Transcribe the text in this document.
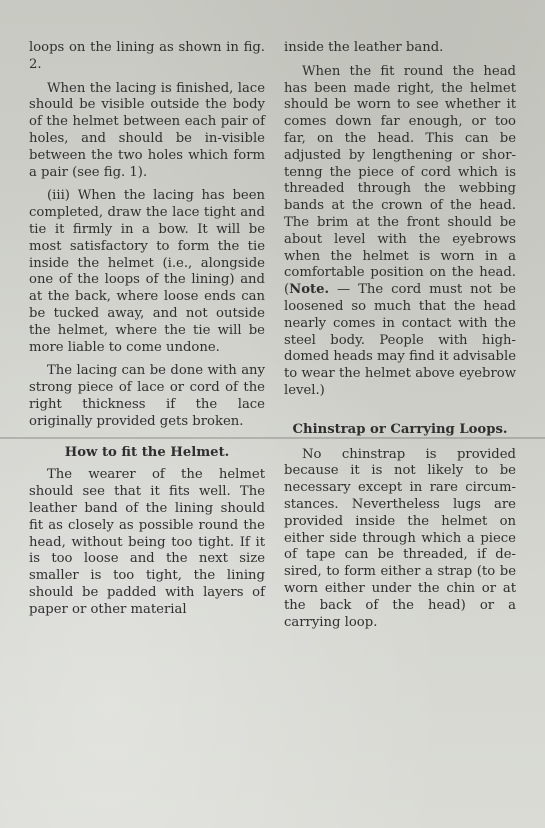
loops on the lining as shown in fig. 2.

When the lacing is finished, lace should be visible outside the body of the helmet between each pair of holes, and should be in-visible between the two holes which form a pair (see fig. 1).

(iii) When the lacing has been completed, draw the lace tight and tie it firmly in a bow. It will be most satisfactory to form the tie inside the helmet (i.e., alongside one of the loops of the lining) and at the back, where loose ends can be tucked away, and not outside the helmet, where the tie will be more liable to come undone.

The lacing can be done with any strong piece of lace or cord of the right thickness if the lace originally provided gets broken.

How to fit the Helmet.

The wearer of the helmet should see that it fits well. The leather band of the lining should fit as closely as possible round the head, without being too tight. If it is too loose and the next size smaller is too tight, the lining should be padded with layers of paper or other material

inside the leather band.

When the fit round the head has been made right, the helmet should be worn to see whether it comes down far enough, or too far, on the head. This can be adjusted by lengthening or shor-tenng the piece of cord which is threaded through the webbing bands at the crown of the head. The brim at the front should be about level with the eyebrows when the helmet is worn in a comfortable position on the head. (Note. — The cord must not be loosened so much that the head nearly comes in contact with the steel body. People with high-domed heads may find it advisable to wear the helmet above eyebrow level.)

Chinstrap or Carrying Loops.

No chinstrap is provided because it is not likely to be necessary except in rare circum-stances. Nevertheless lugs are provided inside the helmet on either side through which a piece of tape can be threaded, if de-sired, to form either a strap (to be worn either under the chin or at the back of the head) or a carrying loop.
